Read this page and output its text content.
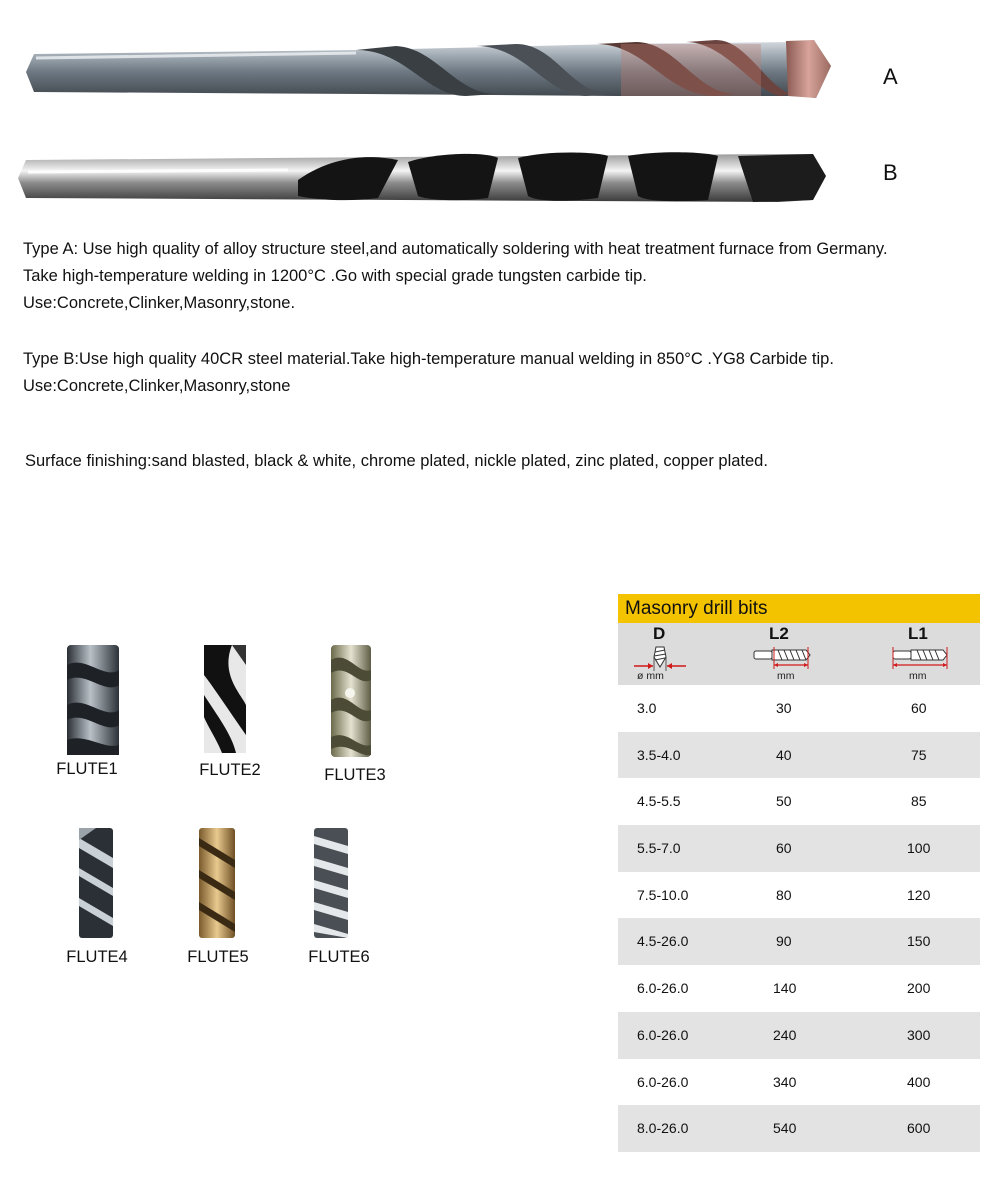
A
B
Type A: Use high quality of alloy structure steel,and automatically soldering with heat treatment furnace from Germany.
Take high-temperature welding in 1200°C .Go with special grade tungsten carbide tip.
Use:Concrete,Clinker,Masonry,stone.
Type B:Use high quality 40CR steel material.Take high-temperature manual welding in 850°C .YG8 Carbide tip.
Use:Concrete,Clinker,Masonry,stone
Surface finishing:sand blasted, black & white, chrome plated, nickle plated, zinc plated, copper plated.
FLUTE1	FLUTE2	FLUTE3
FLUTE4	FLUTE5	FLUTE6
Masonry drill bits
D	L2	L1
ø mm	mm	mm
3.0	30	60
3.5-4.0	40	75
4.5-5.5	50	85
5.5-7.0	60	100
7.5-10.0	80	120
4.5-26.0	90	150
6.0-26.0	140	200
6.0-26.0	240	300
6.0-26.0	340	400
8.0-26.0	540	600
